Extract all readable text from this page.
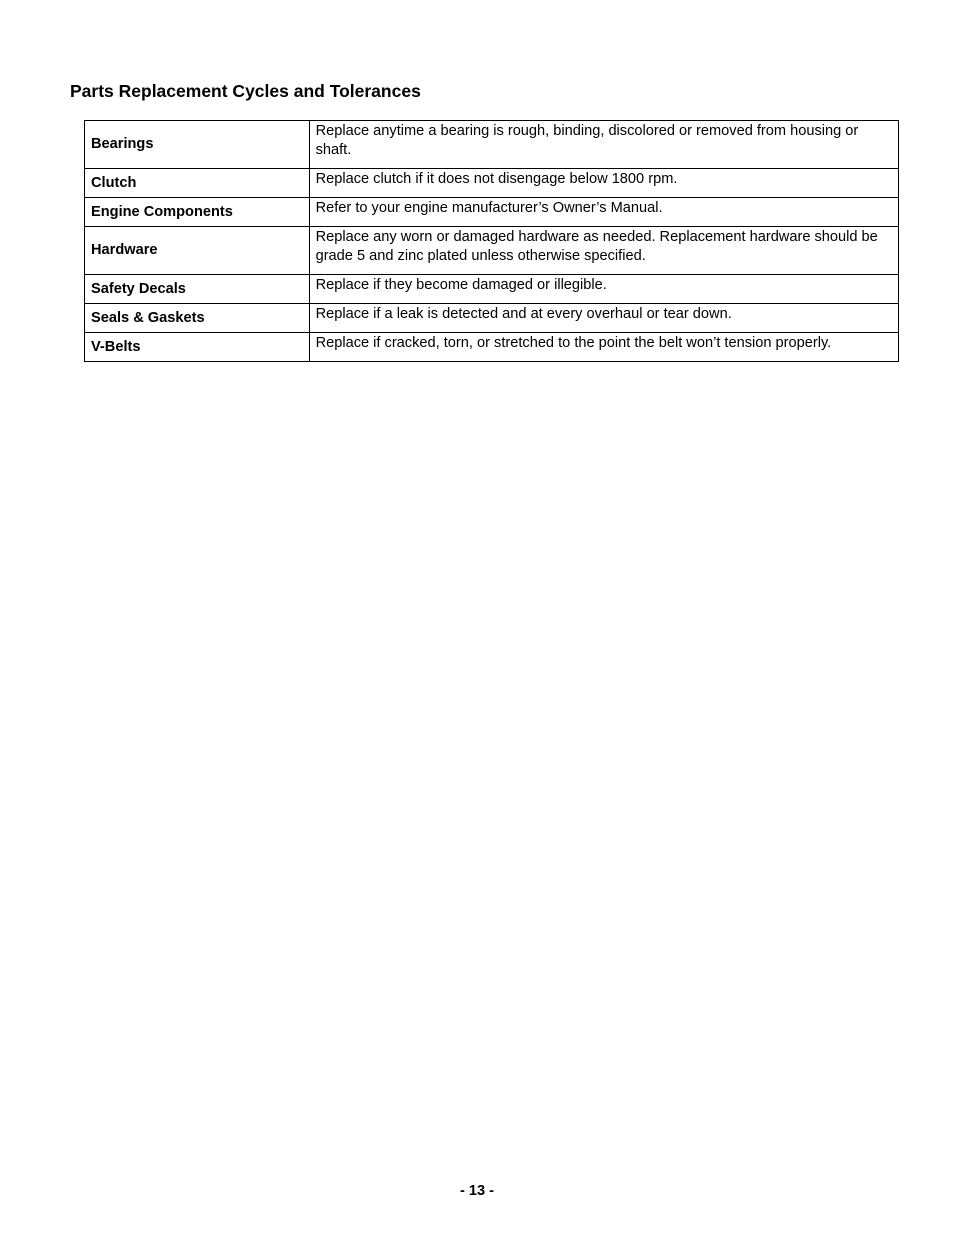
Parts Replacement Cycles and Tolerances
Bearings	Replace anytime a bearing is rough, binding, discolored or removed from housing or shaft.
Clutch	Replace clutch if it does not disengage below 1800 rpm.
Engine Components	Refer to your engine manufacturer’s Owner’s Manual.
Hardware	Replace any worn or damaged hardware as needed. Replacement hardware should be grade 5 and zinc plated unless otherwise specified.
Safety Decals	Replace if they become damaged or illegible.
Seals & Gaskets	Replace if a leak is detected and at every overhaul or tear down.
V-Belts	Replace if cracked, torn, or stretched to the point the belt won’t tension properly.
- 13 -
